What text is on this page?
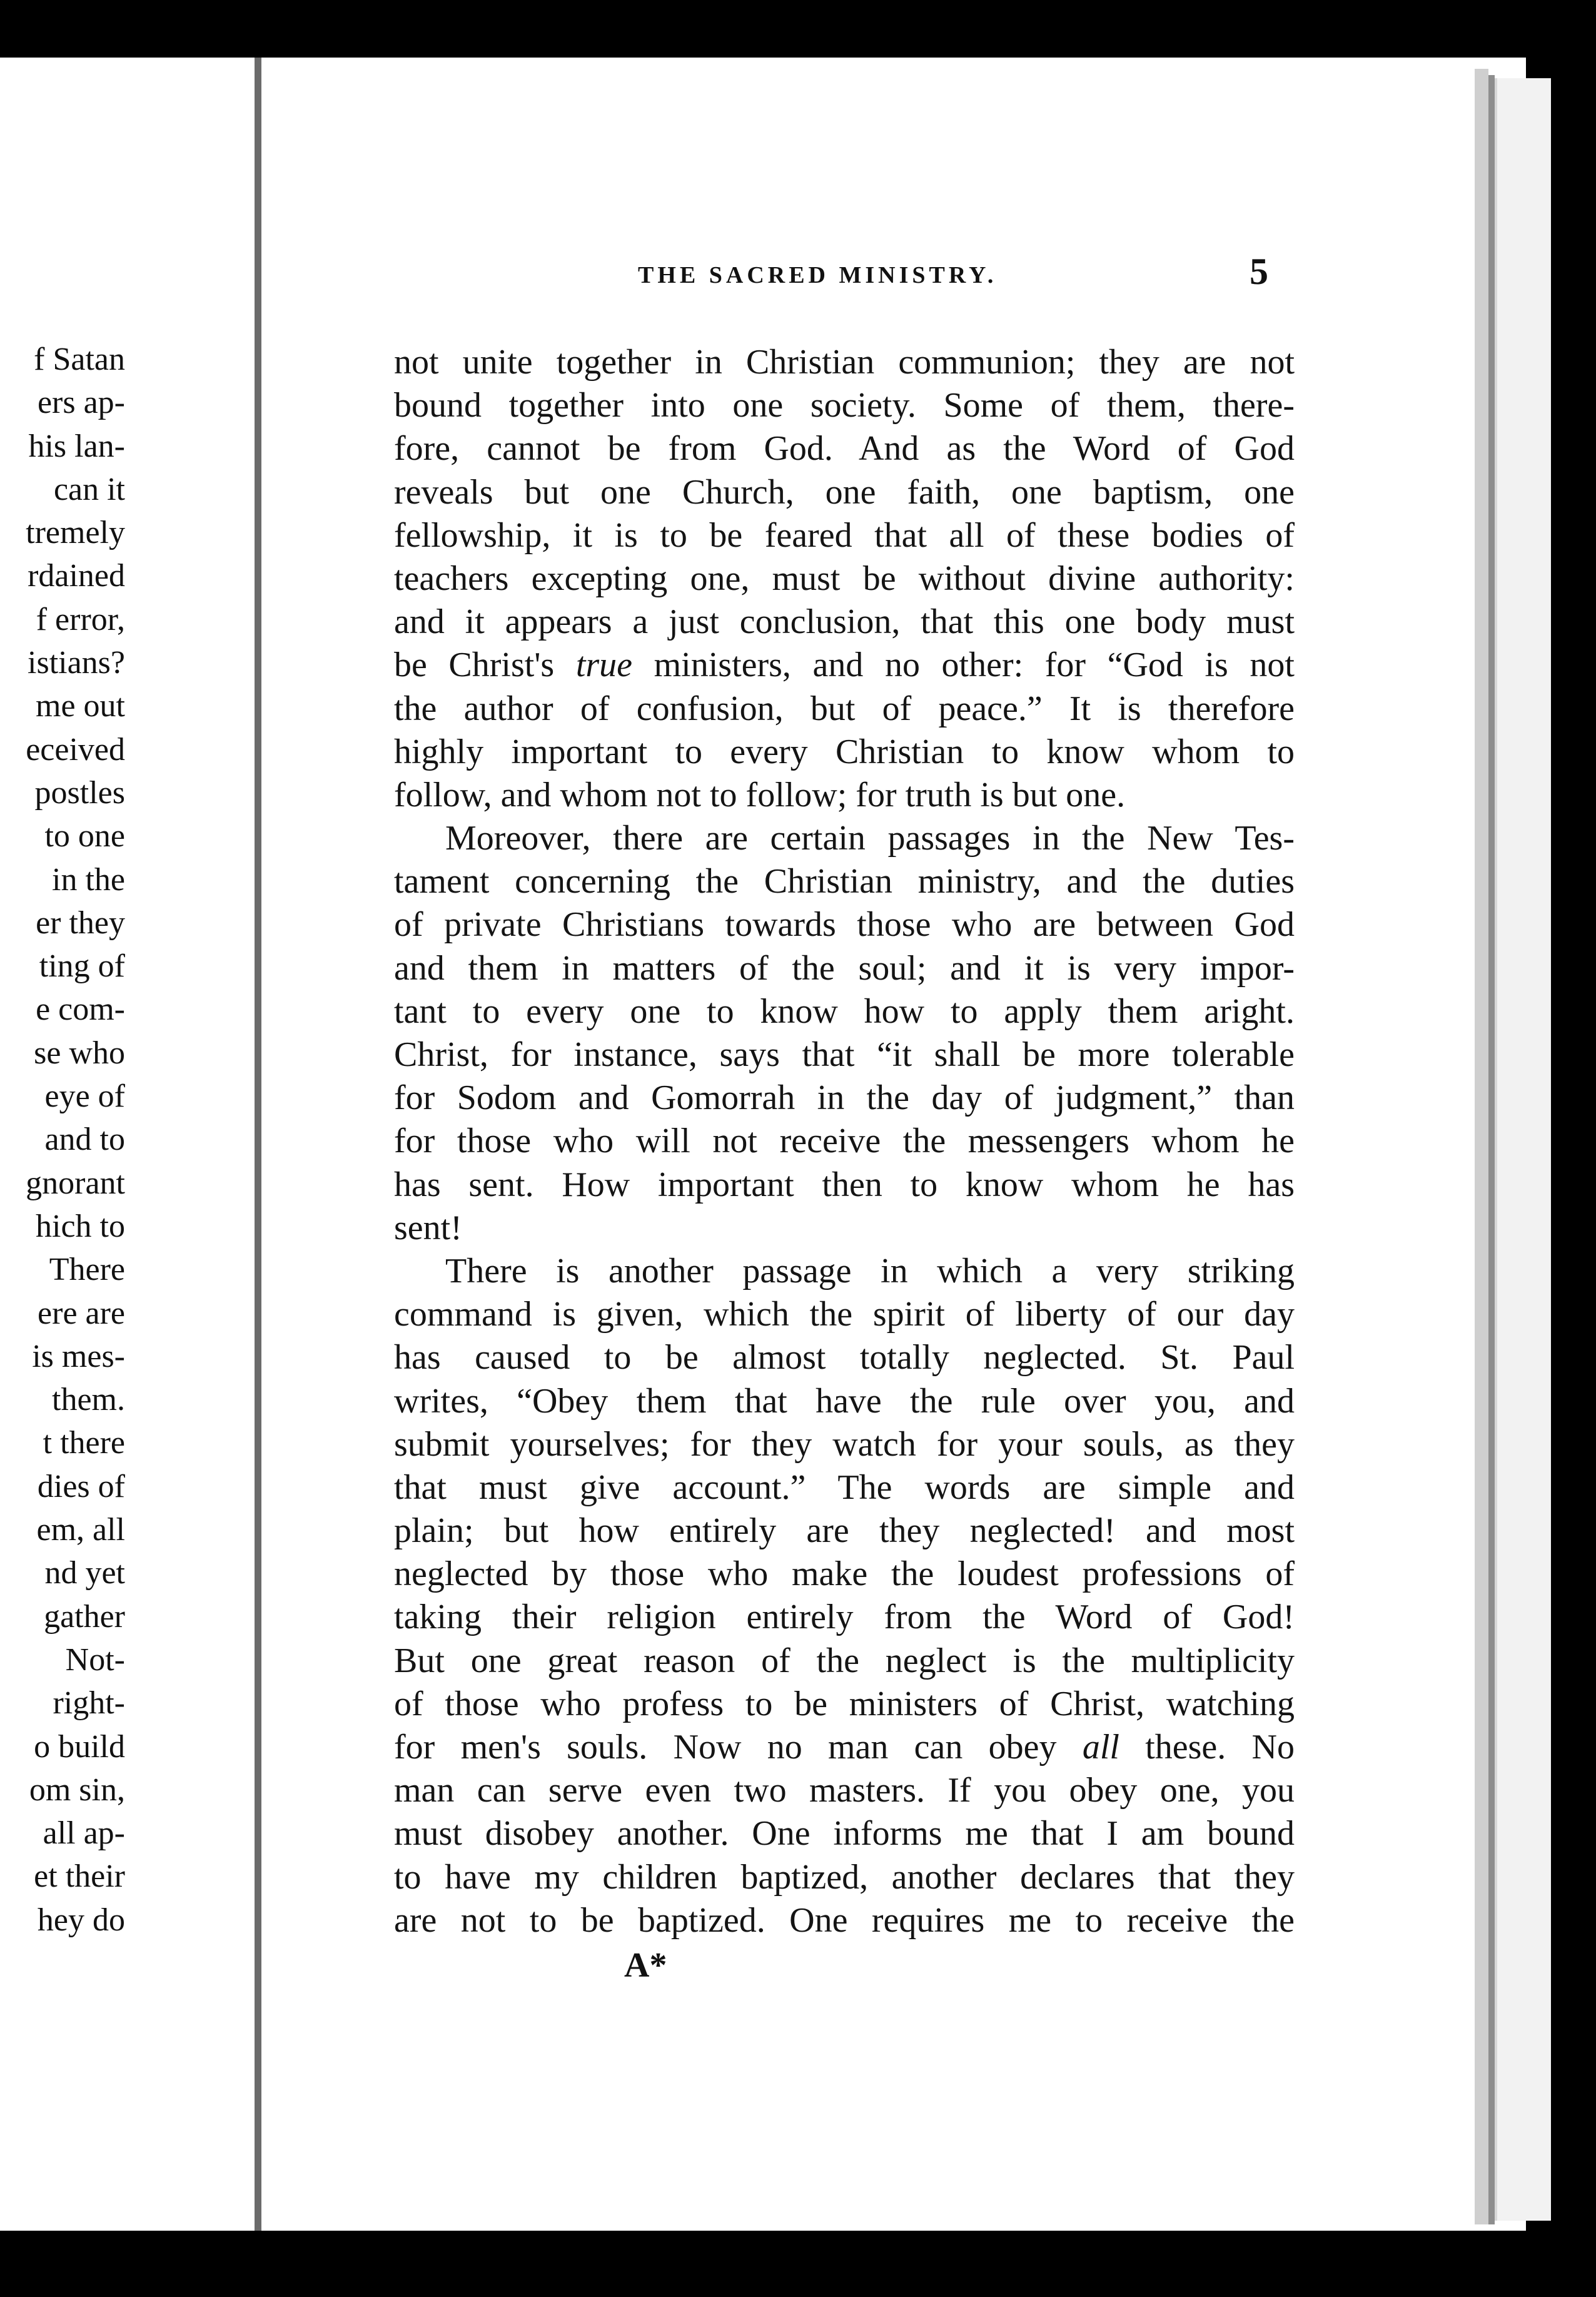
f Satan
ers ap-
his lan-
can it
tremely
rdained
f error,
istians?
me out
eceived
postles
to one
in the
er they
ting of
e com-
se who
eye of
and to
gnorant
hich to
There
ere are
is mes-
them.
t there
dies of
em, all
nd yet
gather
Not-
right-
o build
om sin,
all ap-
et their
hey do
THE SACRED MINISTRY.	5
not unite together in Christian communion; they are not
bound together into one society. Some of them, there-
fore, cannot be from God. And as the Word of God
reveals but one Church, one faith, one baptism, one
fellowship, it is to be feared that all of these bodies of
teachers excepting one, must be without divine authority:
and it appears a just conclusion, that this one body must
be Christ's true ministers, and no other: for “God is not
the author of confusion, but of peace.” It is therefore
highly important to every Christian to know whom to
follow, and whom not to follow; for truth is but one.
Moreover, there are certain passages in the New Tes-
tament concerning the Christian ministry, and the duties
of private Christians towards those who are between God
and them in matters of the soul; and it is very impor-
tant to every one to know how to apply them aright.
Christ, for instance, says that “it shall be more tolerable
for Sodom and Gomorrah in the day of judgment,” than
for those who will not receive the messengers whom he
has sent. How important then to know whom he has
sent!
There is another passage in which a very striking
command is given, which the spirit of liberty of our day
has caused to be almost totally neglected. St. Paul
writes, “Obey them that have the rule over you, and
submit yourselves; for they watch for your souls, as they
that must give account.” The words are simple and
plain; but how entirely are they neglected! and most
neglected by those who make the loudest professions of
taking their religion entirely from the Word of God!
But one great reason of the neglect is the multiplicity
of those who profess to be ministers of Christ, watching
for men's souls. Now no man can obey all these. No
man can serve even two masters. If you obey one, you
must disobey another. One informs me that I am bound
to have my children baptized, another declares that they
are not to be baptized. One requires me to receive the
A*
